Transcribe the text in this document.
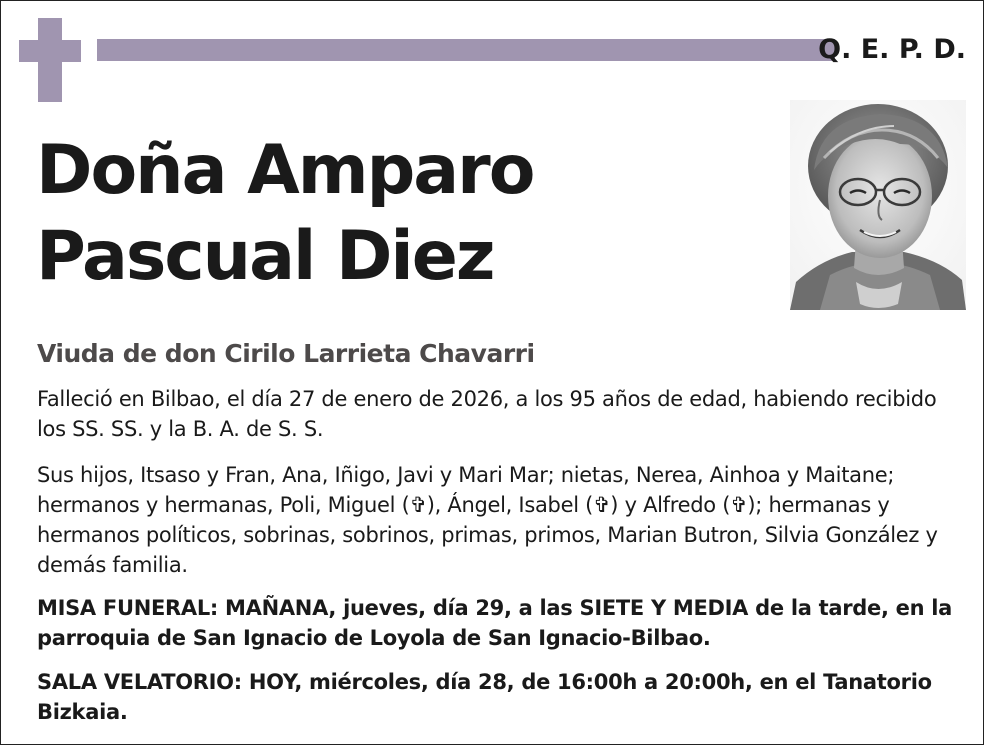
Q. E. P. D.
Doña Amparo
Pascual Diez
Viuda de don Cirilo Larrieta Chavarri

Falleció en Bilbao, el día 27 de enero de 2026, a los 95 años de edad, habiendo recibido los SS. SS. y la B. A. de S. S.

Sus hijos, Itsaso y Fran, Ana, Iñigo, Javi y Mari Mar; nietas, Nerea, Ainhoa y Maitane; hermanos y hermanas, Poli, Miguel (✞), Ángel, Isabel (✞) y Alfredo (✞); hermanas y hermanos políticos, sobrinas, sobrinos, primas, primos, Marian Butron, Silvia González y demás familia.

MISA FUNERAL: MAÑANA, jueves, día 29, a las SIETE Y MEDIA de la tarde, en la parroquia de San Ignacio de Loyola de San Ignacio-Bilbao.

SALA VELATORIO: HOY, miércoles, día 28, de 16:00h a 20:00h, en el Tanatorio Bizkaia.
